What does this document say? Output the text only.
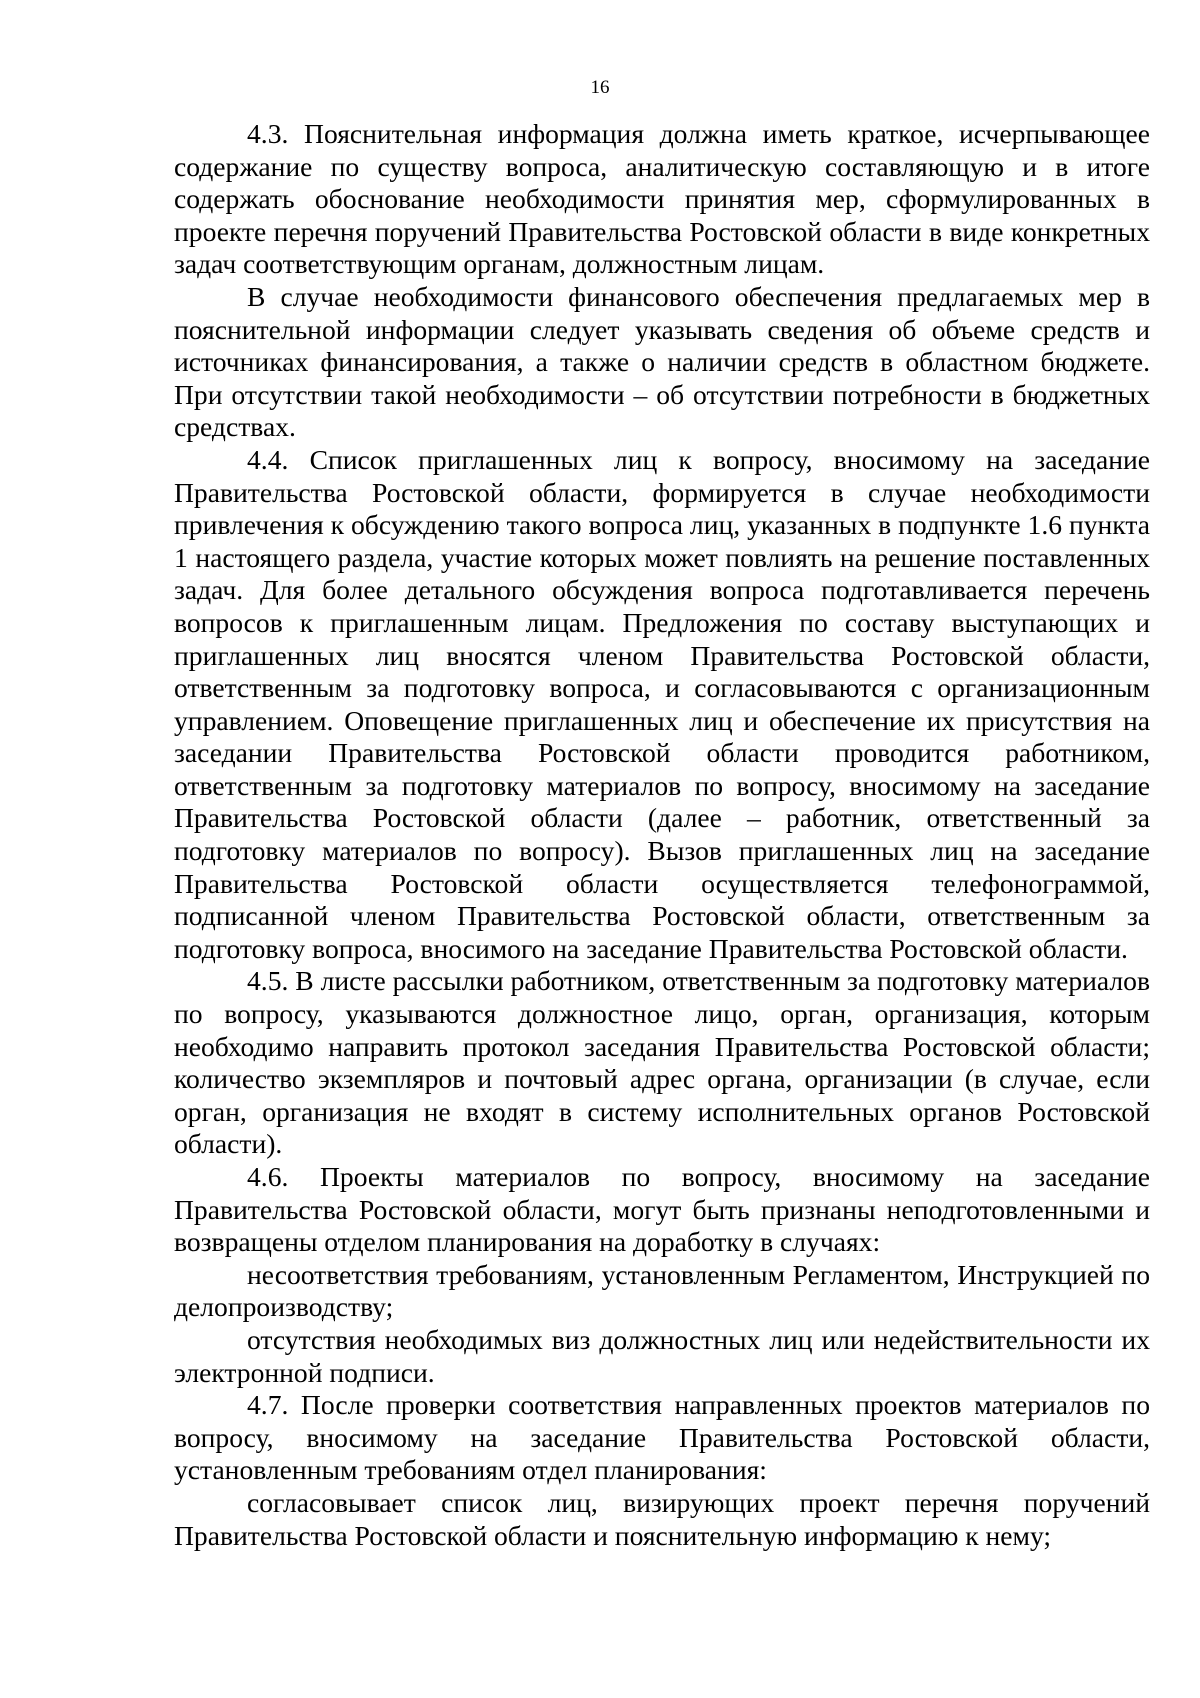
16

4.3. Пояснительная информация должна иметь краткое, исчерпывающее содержание по существу вопроса, аналитическую составляющую и в итоге содержать обоснование необходимости принятия мер, сформулированных в проекте перечня поручений Правительства Ростовской области в виде конкретных задач соответствующим органам, должностным лицам.

В случае необходимости финансового обеспечения предлагаемых мер в пояснительной информации следует указывать сведения об объеме средств и источниках финансирования, а также о наличии средств в областном бюджете. При отсутствии такой необходимости – об отсутствии потребности в бюджетных средствах.

4.4. Список приглашенных лиц к вопросу, вносимому на заседание Правительства Ростовской области, формируется в случае необходимости привлечения к обсуждению такого вопроса лиц, указанных в подпункте 1.6 пункта 1 настоящего раздела, участие которых может повлиять на решение поставленных задач. Для более детального обсуждения вопроса подготавливается перечень вопросов к приглашенным лицам. Предложения по составу выступающих и приглашенных лиц вносятся членом Правительства Ростовской области, ответственным за подготовку вопроса, и согласовываются с организационным управлением. Оповещение приглашенных лиц и обеспечение их присутствия на заседании Правительства Ростовской области проводится работником, ответственным за подготовку материалов по вопросу, вносимому на заседание Правительства Ростовской области (далее – работник, ответственный за подготовку материалов по вопросу). Вызов приглашенных лиц на заседание Правительства Ростовской области осуществляется телефонограммой, подписанной членом Правительства Ростовской области, ответственным за подготовку вопроса, вносимого на заседание Правительства Ростовской области.

4.5. В листе рассылки работником, ответственным за подготовку материалов по вопросу, указываются должностное лицо, орган, организация, которым необходимо направить протокол заседания Правительства Ростовской области; количество экземпляров и почтовый адрес органа, организации (в случае, если орган, организация не входят в систему исполнительных органов Ростовской области).

4.6. Проекты материалов по вопросу, вносимому на заседание Правительства Ростовской области, могут быть признаны неподготовленными и возвращены отделом планирования на доработку в случаях:

несоответствия требованиям, установленным Регламентом, Инструкцией по делопроизводству;

отсутствия необходимых виз должностных лиц или недействительности их электронной подписи.

4.7. После проверки соответствия направленных проектов материалов по вопросу, вносимому на заседание Правительства Ростовской области, установленным требованиям отдел планирования:

согласовывает список лиц, визирующих проект перечня поручений Правительства Ростовской области и пояснительную информацию к нему;
